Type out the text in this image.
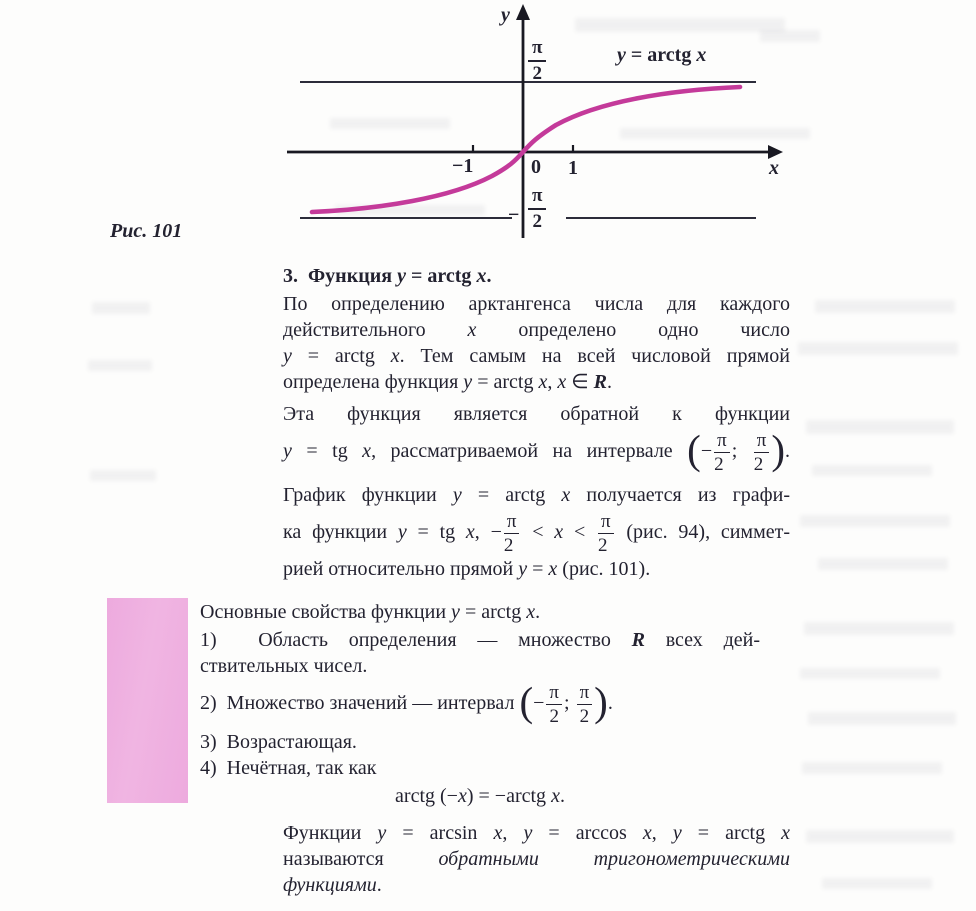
y
x
0 1
−1
$\frac{\pi}{2}$
− $\frac{\pi}{2}$
y = arctg x
Рис. 101
3.  Функция y = arctg x.
По определению арктангенса числа для каждого
действительного x определено одно число
y = arctg x. Тем самым на всей числовой прямой
определена функция y = arctg x, x ∈ R.
Эта функция является обратной к функции
y = tg x, рассматриваемой на интервале (− $\frac{\pi}{2}$ ; $\frac{\pi}{2}$ ).
График функции y = arctg x получается из графи-
ка функции y = tg x, − $\frac{\pi}{2} < x < \frac{\pi}{2} (рис$. 94), симмет-
рией относительно прямой y = x (рис. 101).
Основные свойства функции y = arctg x.
1)  Область определения — множество R всех дей-
ствительных чисел.
2)  Множество значений — интервал (− $\frac{\pi}{2}$ ; $\frac{\pi}{2}$ ).
3)  Возрастающая.
4)  Нечётная, так как
arctg (−x) = −arctg x.
Функции y = arcsin x, y = arccos x, y = arctg x
называются обратными тригонометрическими
функциями.
